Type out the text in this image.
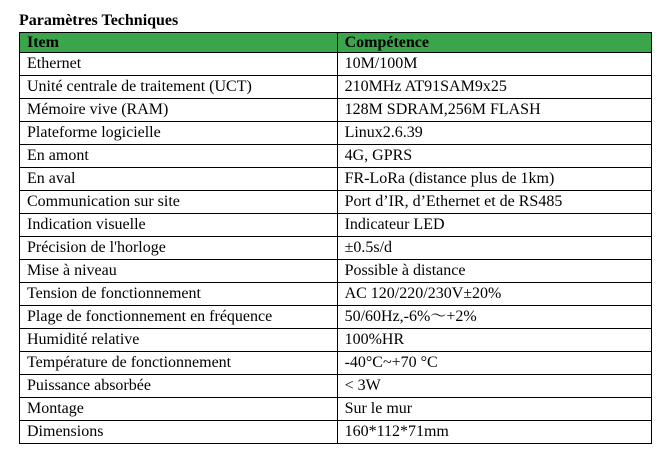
Paramètres Techniques
Item	Compétence
Ethernet	10M/100M
Unité centrale de traitement (UCT)	210MHz AT91SAM9x25
Mémoire vive (RAM)	128M SDRAM,256M FLASH
Plateforme logicielle	Linux2.6.39
En amont	4G, GPRS
En aval	FR-LoRa (distance plus de 1km)
Communication sur site	Port d’IR, d’Ethernet et de RS485
Indication visuelle	Indicateur LED
Précision de l'horloge	±0.5s/d
Mise à niveau	Possible à distance
Tension de fonctionnement	AC 120/220/230V±20%
Plage de fonctionnement en fréquence	50/60Hz,-6%～+2%
Humidité relative	100%HR
Température de fonctionnement	-40°C~+70 °C
Puissance absorbée	< 3W
Montage	Sur le mur
Dimensions	160*112*71mm
